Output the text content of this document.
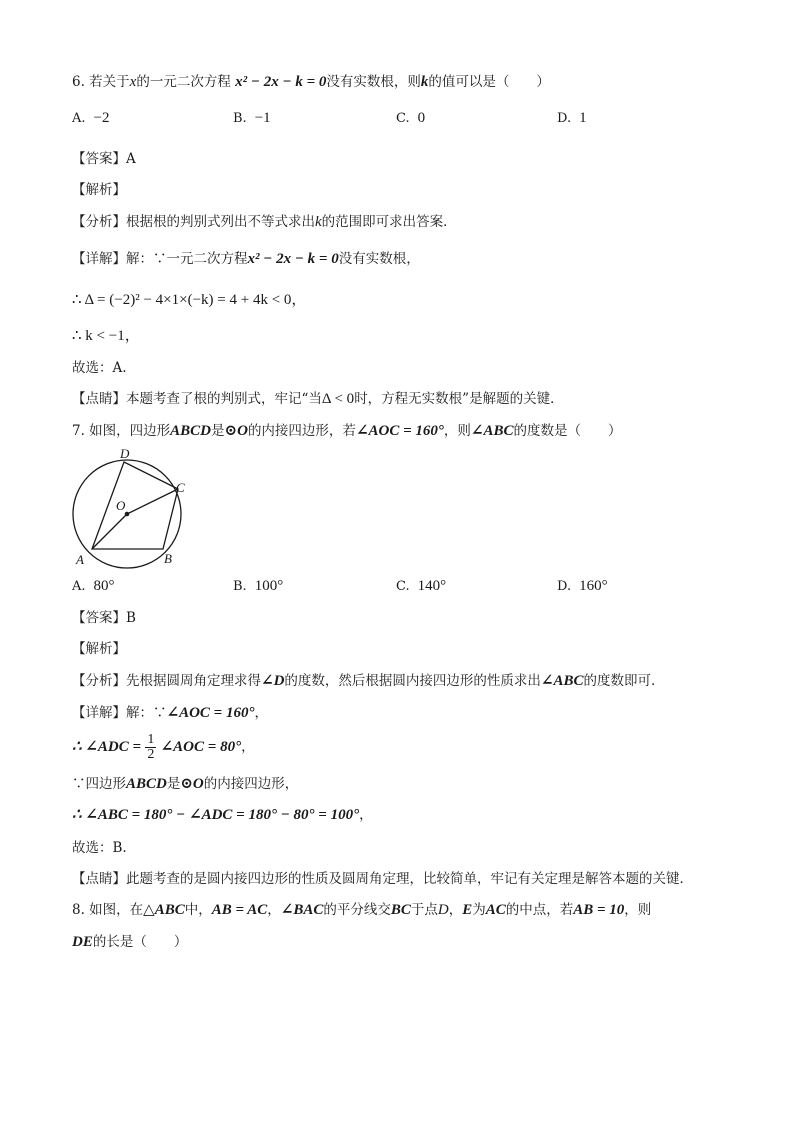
6. 若关于x的一元二次方程 x² − 2x − k = 0没有实数根，则k的值可以是（　　）
A. −2	B. −1	C. 0	D. 1
【答案】A
【解析】
【分析】根据根的判别式列出不等式求出k的范围即可求出答案．
【详解】解：∵一元二次方程x² − 2x − k = 0没有实数根，
∴ Δ = (−2)² − 4×1×(−k) = 4 + 4k < 0，
∴ k < −1，
故选：A.
【点睛】本题考查了根的判别式，牢记“当Δ < 0时，方程无实数根”是解题的关键．
7. 如图，四边形ABCD是⊙O的内接四边形，若∠AOC = 160°，则∠ABC的度数是（　　）
D
C
O
A	B
A. 80°	B. 100°	C. 140°	D. 160°
【答案】B
【解析】
【分析】先根据圆周角定理求得∠D的度数，然后根据圆内接四边形的性质求出∠ABC的度数即可．
【详解】解：∵∠AOC = 160°，
∴ ∠ADC = $\frac{1}{2}$ ∠AOC = 80°，
∵四边形ABCD是⊙O的内接四边形，
∴ ∠ABC = 180° − ∠ADC = 180° − 80° = 100°，
故选：B.
【点睛】此题考查的是圆内接四边形的性质及圆周角定理，比较简单，牢记有关定理是解答本题的关键．
8. 如图，在△ABC中，AB = AC，∠BAC的平分线交BC于点D，E为AC的中点，若AB = 10，则
DE的长是（　　）
